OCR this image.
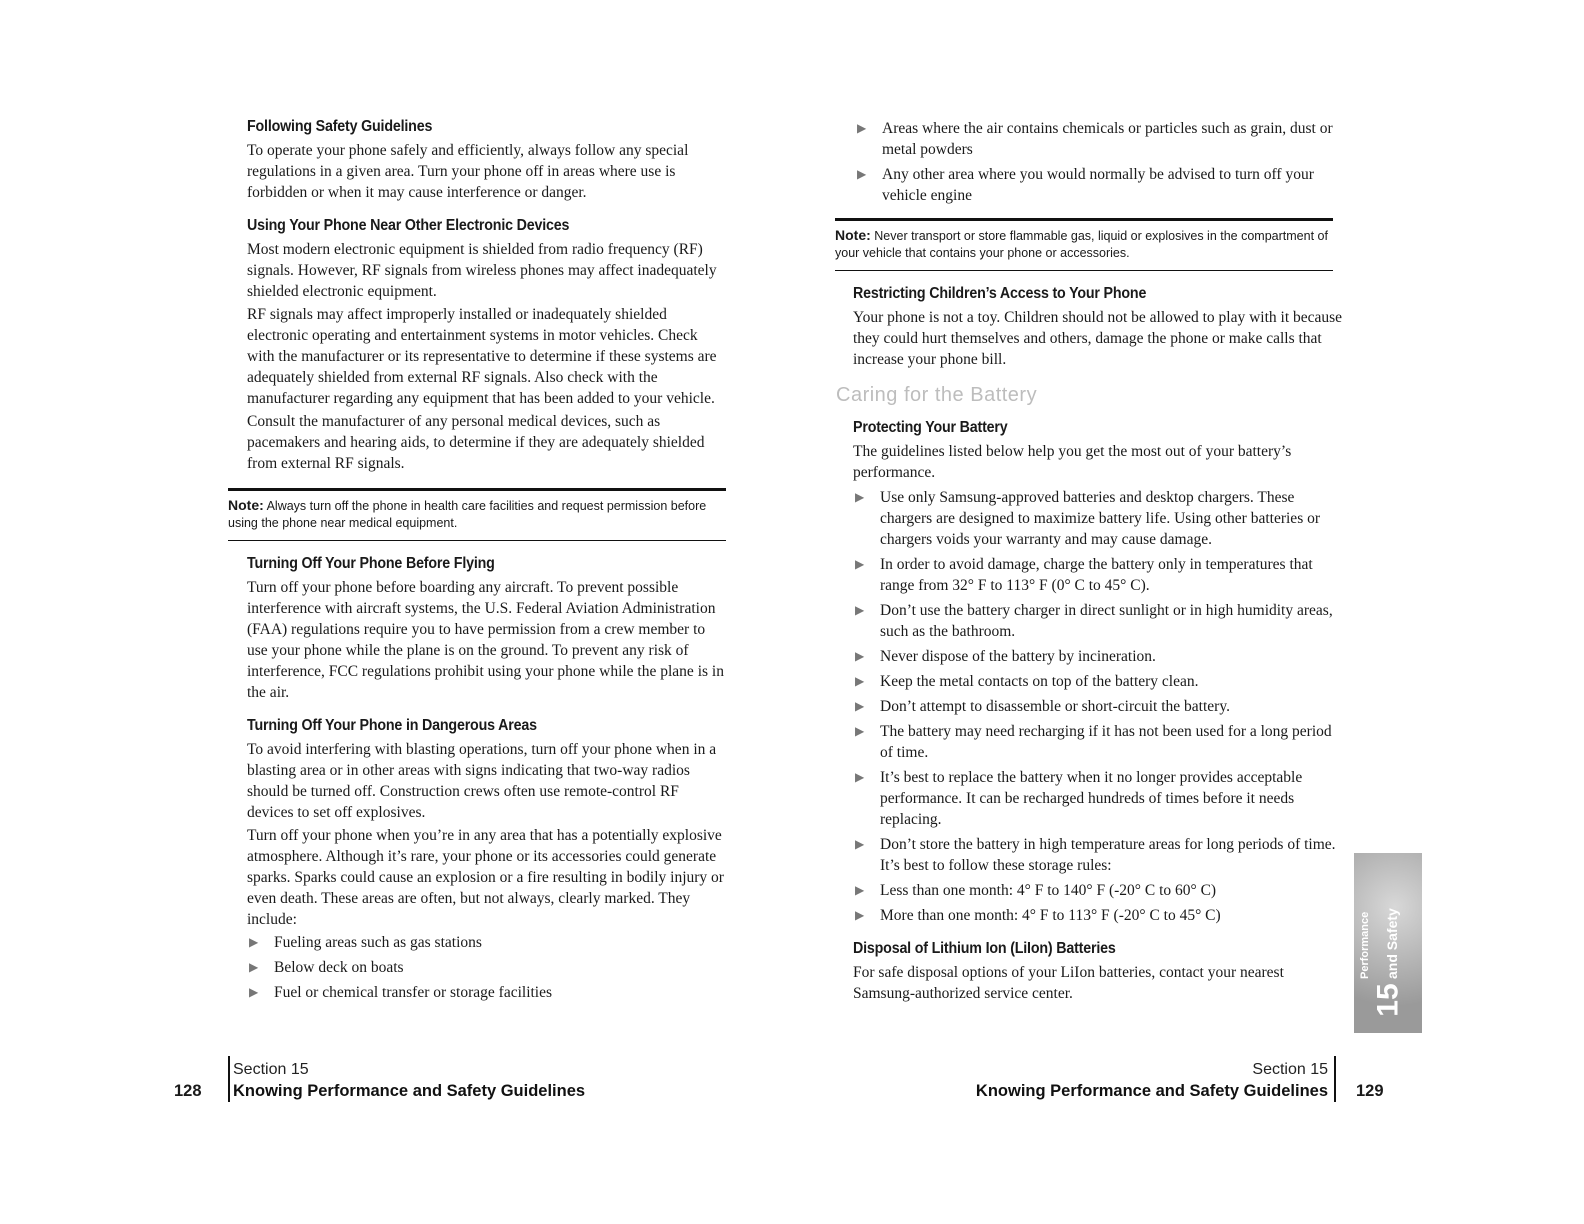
Following Safety Guidelines

To operate your phone safely and efficiently, always follow any special regulations in a given area. Turn your phone off in areas where use is forbidden or when it may cause interference or danger.

Using Your Phone Near Other Electronic Devices

Most modern electronic equipment is shielded from radio frequency (RF) signals. However, RF signals from wireless phones may affect inadequately shielded electronic equipment.

RF signals may affect improperly installed or inadequately shielded electronic operating and entertainment systems in motor vehicles. Check with the manufacturer or its representative to determine if these systems are adequately shielded from external RF signals. Also check with the manufacturer regarding any equipment that has been added to your vehicle.

Consult the manufacturer of any personal medical devices, such as pacemakers and hearing aids, to determine if they are adequately shielded from external RF signals.

Note: Always turn off the phone in health care facilities and request permission before using the phone near medical equipment.
Turning Off Your Phone Before Flying

Turn off your phone before boarding any aircraft. To prevent possible interference with aircraft systems, the U.S. Federal Aviation Administration (FAA) regulations require you to have permission from a crew member to use your phone while the plane is on the ground. To prevent any risk of interference, FCC regulations prohibit using your phone while the plane is in the air.

Turning Off Your Phone in Dangerous Areas

To avoid interfering with blasting operations, turn off your phone when in a blasting area or in other areas with signs indicating that two-way radios should be turned off. Construction crews often use remote-control RF devices to set off explosives.

Turn off your phone when you’re in any area that has a potentially explosive atmosphere. Although it’s rare, your phone or its accessories could generate sparks. Sparks could cause an explosion or a fire resulting in bodily injury or even death. These areas are often, but not always, clearly marked. They include:

▶ Fueling areas such as gas stations
▶ Below deck on boats
▶ Fuel or chemical transfer or storage facilities
128
Section 15
Knowing Performance and Safety Guidelines
▶ Areas where the air contains chemicals or particles such as grain, dust or metal powders
▶ Any other area where you would normally be advised to turn off your vehicle engine
Note: Never transport or store flammable gas, liquid or explosives in the compartment of your vehicle that contains your phone or accessories.
Restricting Children’s Access to Your Phone

Your phone is not a toy. Children should not be allowed to play with it because they could hurt themselves and others, damage the phone or make calls that increase your phone bill.

Caring for the Battery
Protecting Your Battery

The guidelines listed below help you get the most out of your battery’s performance.

▶ Use only Samsung-approved batteries and desktop chargers. These chargers are designed to maximize battery life. Using other batteries or chargers voids your warranty and may cause damage.
▶ In order to avoid damage, charge the battery only in temperatures that range from 32° F to 113° F (0° C to 45° C).
▶ Don’t use the battery charger in direct sunlight or in high humidity areas, such as the bathroom.
▶ Never dispose of the battery by incineration.
▶ Keep the metal contacts on top of the battery clean.
▶ Don’t attempt to disassemble or short-circuit the battery.
▶ The battery may need recharging if it has not been used for a long period of time.
▶ It’s best to replace the battery when it no longer provides acceptable performance. It can be recharged hundreds of times before it needs replacing.
▶ Don’t store the battery in high temperature areas for long periods of time. It’s best to follow these storage rules:
▶ Less than one month: 4° F to 140° F (-20° C to 60° C)
▶ More than one month: 4° F to 113° F (-20° C to 45° C)
Disposal of Lithium Ion (LiIon) Batteries

For safe disposal options of your LiIon batteries, contact your nearest Samsung-authorized service center.

Performance and Safety
15
Section 15
Knowing Performance and Safety Guidelines 129
